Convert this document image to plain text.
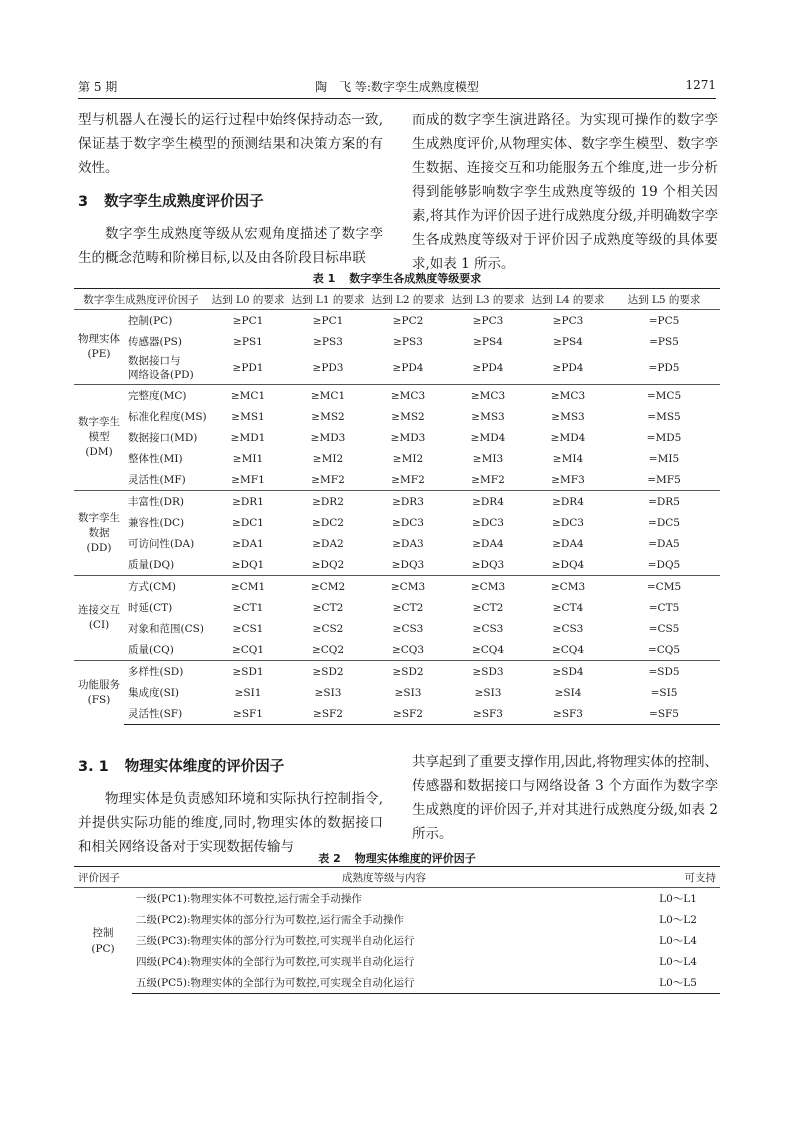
第 5 期	陶　飞 等:数字孪生成熟度模型	1271

型与机器人在漫长的运行过程中始终保持动态一致,保证基于数字孪生模型的预测结果和决策方案的有效性。

3 数字孪生成熟度评价因子

数字孪生成熟度等级从宏观角度描述了数字孪生的概念范畴和阶梯目标,以及由各阶段目标串联

而成的数字孪生演进路径。为实现可操作的数字孪生成熟度评价,从物理实体、数字孪生模型、数字孪生数据、连接交互和功能服务五个维度,进一步分析得到能够影响数字孪生成熟度等级的 19 个相关因素,将其作为评价因子进行成熟度分级,并明确数字孪生各成熟度等级对于评价因子成熟度等级的具体要求,如表 1 所示。

表 1 数字孪生各成熟度等级要求
数字孪生成熟度评价因子		达到 L0 的要求	达到 L1 的要求	达到 L2 的要求	达到 L3 的要求	达到 L4 的要求	达到 L5 的要求

物理实体
(PE)	控制(PC)	≥PC1	≥PC1	≥PC2	≥PC3	≥PC3	=PC5
	传感器(PS)	≥PS1	≥PS3	≥PS3	≥PS4	≥PS4	=PS5

	数据接口与
网络设备(PD)	≥PD1	≥PD3	≥PD4	≥PD4	≥PD4	=PD5

数字孪生
模型
(DM)	完整度(MC)	≥MC1	≥MC1	≥MC3	≥MC3	≥MC3	=MC5
	标准化程度(MS)	≥MS1	≥MS2	≥MS2	≥MS3	≥MS3	=MS5
	数据接口(MD)	≥MD1	≥MD3	≥MD3	≥MD4	≥MD4	=MD5
	整体性(MI)	≥MI1	≥MI2	≥MI2	≥MI3	≥MI4	=MI5
	灵活性(MF)	≥MF1	≥MF2	≥MF2	≥MF2	≥MF3	=MF5

数字孪生
数据
(DD)	丰富性(DR)	≥DR1	≥DR2	≥DR3	≥DR4	≥DR4	=DR5
	兼容性(DC)	≥DC1	≥DC2	≥DC3	≥DC3	≥DC3	=DC5
	可访问性(DA)	≥DA1	≥DA2	≥DA3	≥DA4	≥DA4	=DA5
	质量(DQ)	≥DQ1	≥DQ2	≥DQ3	≥DQ3	≥DQ4	=DQ5

连接交互
(CI)	方式(CM)	≥CM1	≥CM2	≥CM3	≥CM3	≥CM3	=CM5
	时延(CT)	≥CT1	≥CT2	≥CT2	≥CT2	≥CT4	=CT5
	对象和范围(CS)	≥CS1	≥CS2	≥CS3	≥CS3	≥CS3	=CS5
	质量(CQ)	≥CQ1	≥CQ2	≥CQ3	≥CQ4	≥CQ4	=CQ5

功能服务
(FS)	多样性(SD)	≥SD1	≥SD2	≥SD2	≥SD3	≥SD4	=SD5
	集成度(SI)	≥SI1	≥SI3	≥SI3	≥SI3	≥SI4	=SI5
	灵活性(SF)	≥SF1	≥SF2	≥SF2	≥SF3	≥SF3	=SF5
3. 1 物理实体维度的评价因子

物理实体是负责感知环境和实际执行控制指令,并提供实际功能的维度,同时,物理实体的数据接口和相关网络设备对于实现数据传输与

共享起到了重要支撑作用,因此,将物理实体的控制、传感器和数据接口与网络设备 3 个方面作为数字孪生成熟度的评价因子,并对其进行成熟度分级,如表 2 所示。

表 2 物理实体维度的评价因子
评价因子	成熟度等级与内容	可支持

控制
(PC)	一级(PC1):物理实体不可数控,运行需全手动操作	L0～L1
	二级(PC2):物理实体的部分行为可数控,运行需全手动操作	L0～L2
	三级(PC3):物理实体的部分行为可数控,可实现半自动化运行	L0～L4
	四级(PC4):物理实体的全部行为可数控,可实现半自动化运行	L0～L4
	五级(PC5):物理实体的全部行为可数控,可实现全自动化运行	L0～L5
